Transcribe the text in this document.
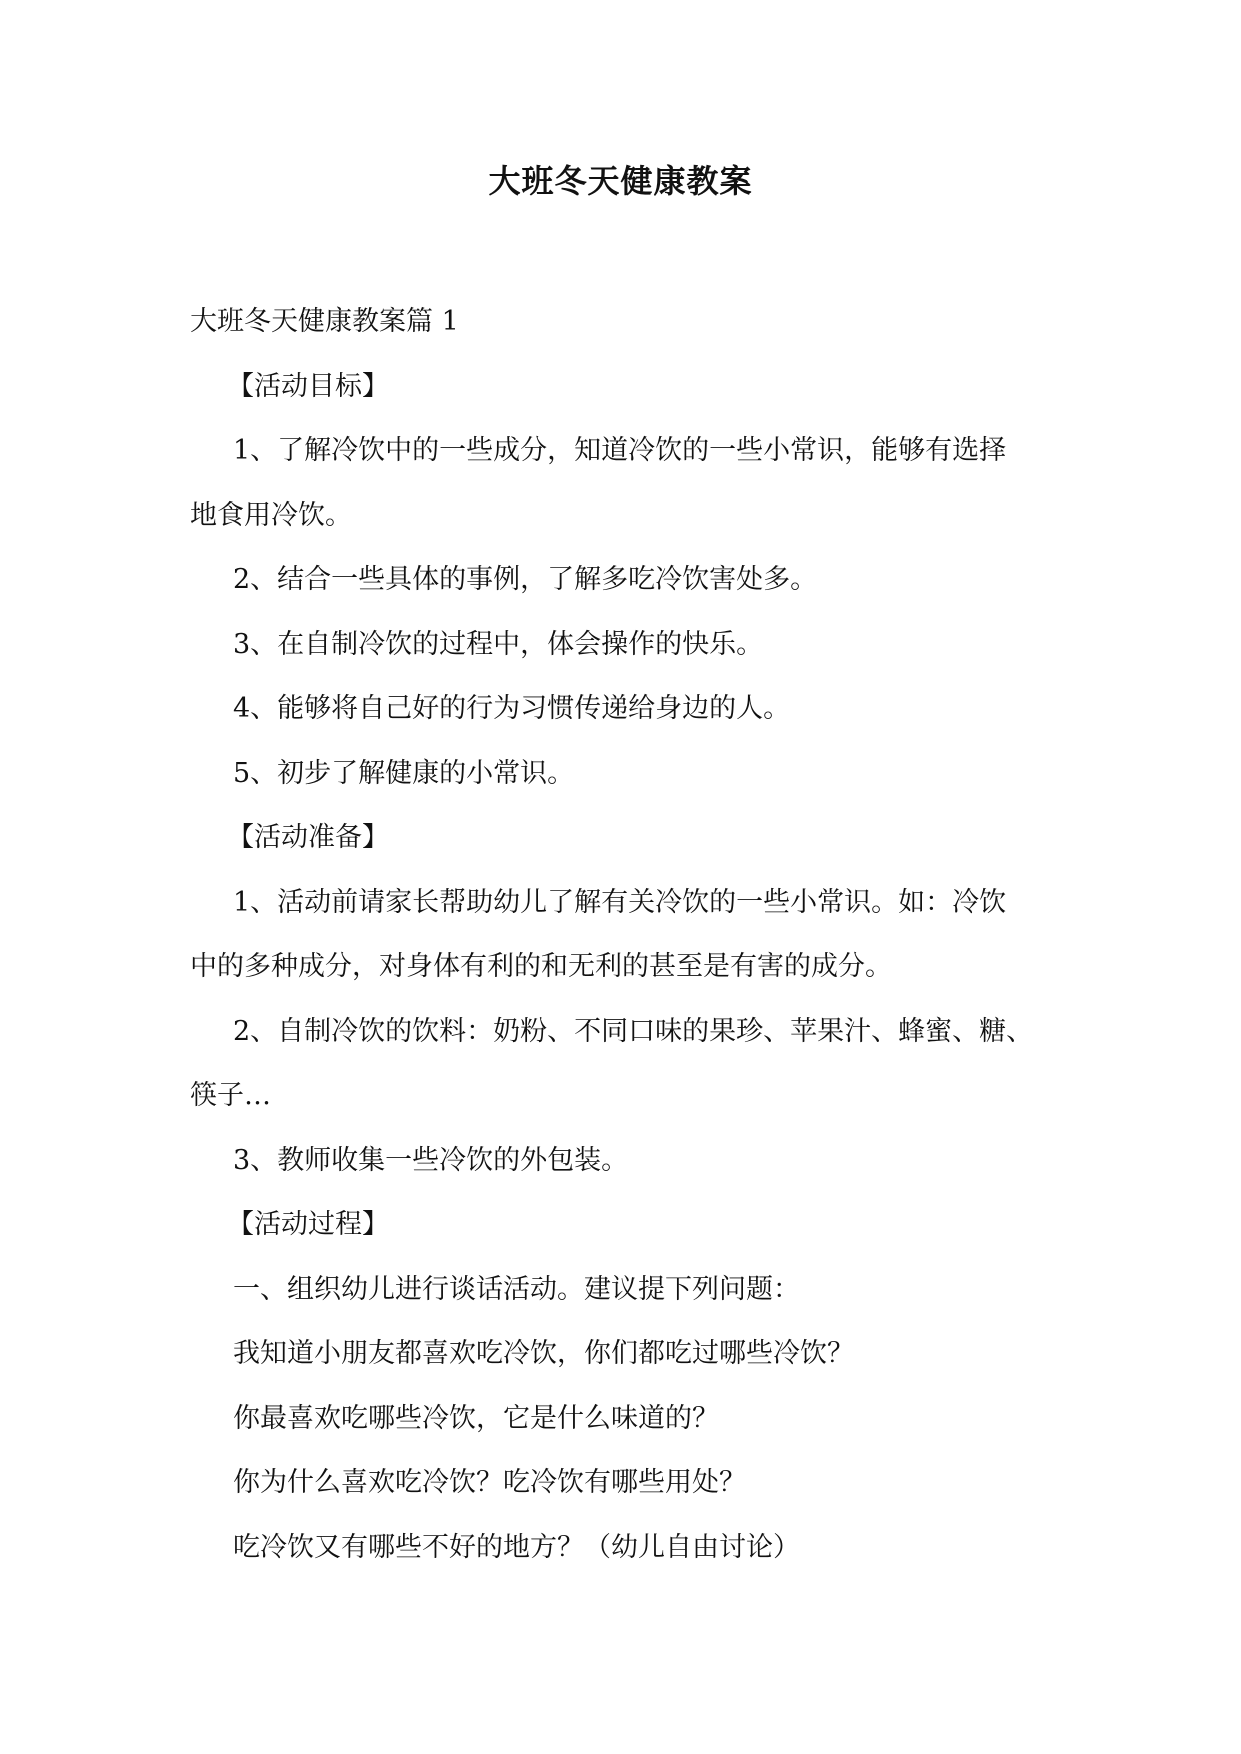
大班冬天健康教案
大班冬天健康教案篇 1
【活动目标】
1、了解冷饮中的一些成分，知道冷饮的一些小常识，能够有选择
地食用冷饮。
2、结合一些具体的事例，了解多吃冷饮害处多。
3、在自制冷饮的过程中，体会操作的快乐。
4、能够将自己好的行为习惯传递给身边的人。
5、初步了解健康的小常识。
【活动准备】
1、活动前请家长帮助幼儿了解有关冷饮的一些小常识。如：冷饮
中的多种成分，对身体有利的和无利的甚至是有害的成分。
2、自制冷饮的饮料：奶粉、不同口味的果珍、苹果汁、蜂蜜、糖、
筷子…
3、教师收集一些冷饮的外包装。
【活动过程】
一、组织幼儿进行谈话活动。建议提下列问题：
我知道小朋友都喜欢吃冷饮，你们都吃过哪些冷饮？
你最喜欢吃哪些冷饮，它是什么味道的？
你为什么喜欢吃冷饮？吃冷饮有哪些用处？
吃冷饮又有哪些不好的地方？（幼儿自由讨论）
